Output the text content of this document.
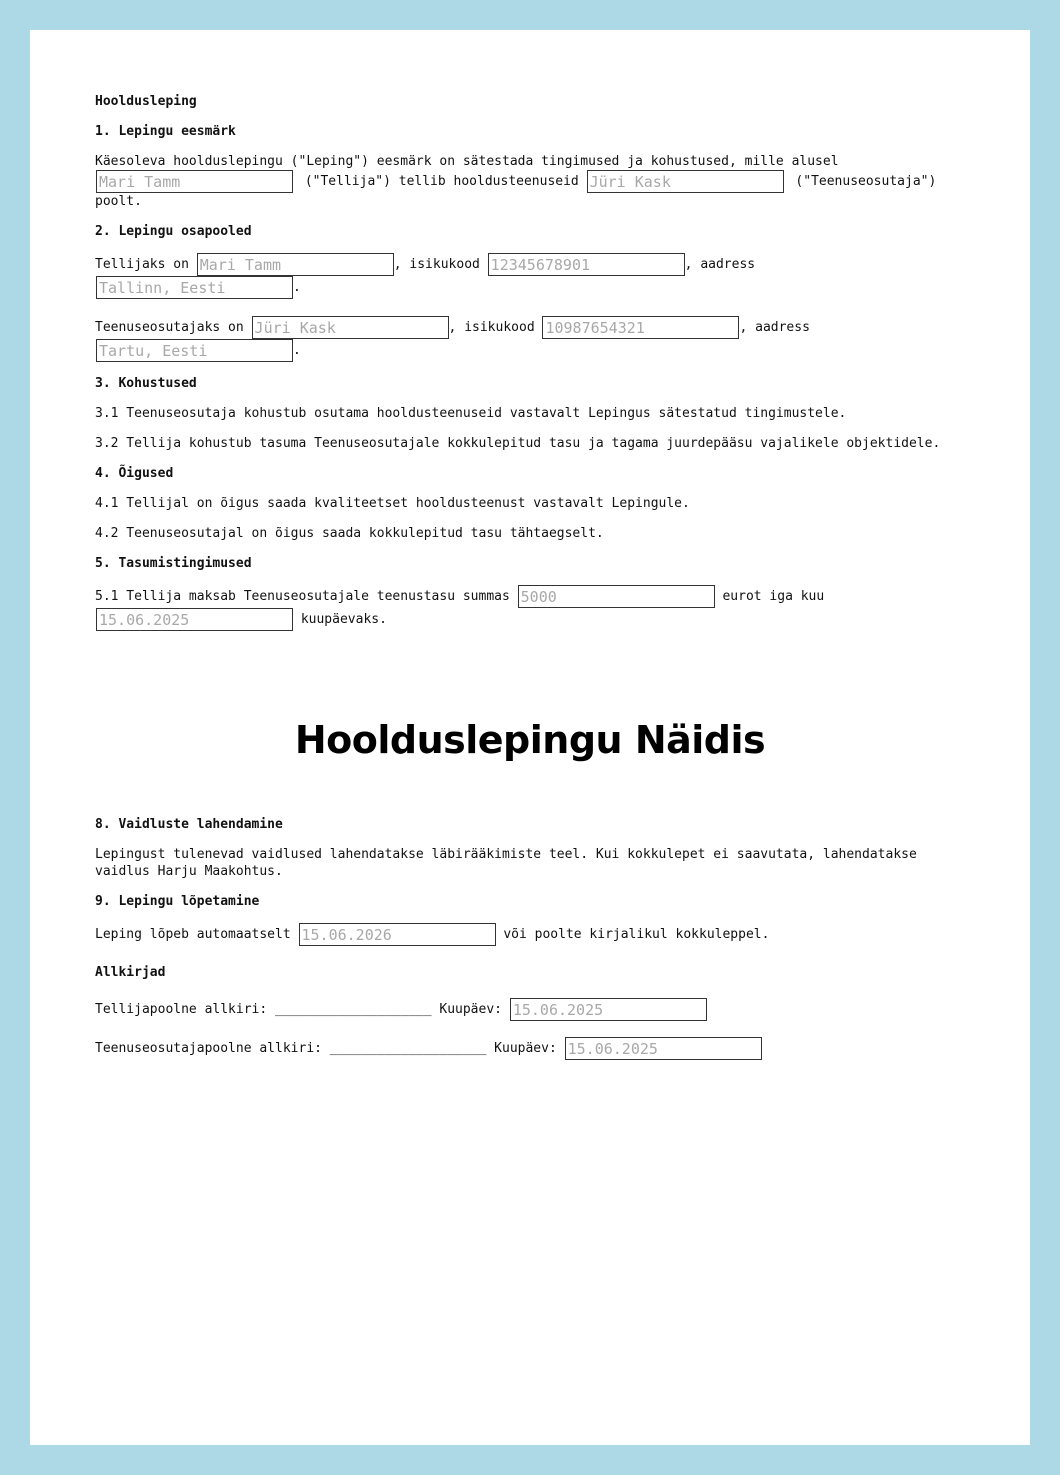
Hooldusleping
1. Lepingu eesmärk
Käesoleva hoolduslepingu ("Leping") eesmärk on sätestada tingimused ja kohustused, mille alusel
Mari Tamm ("Tellija") tellib hooldusteenuseid Jüri Kask	("Teenuseosutaja")
poolt.
2. Lepingu osapooled
Tellijaks on Mari Tamm	, isikukood 12345678901	, aadress
Tallinn, Eesti.
Teenuseosutajaks on Jüri Kask	, isikukood 10987654321	, aadress
Tartu, Eesti.
3. Kohustused

3.1 Teenuseosutaja kohustub osutama hooldusteenuseid vastavalt Lepingus sätestatud tingimustele.

3.2 Tellija kohustub tasuma Teenuseosutajale kokkulepitud tasu ja tagama juurdepääsu vajalikele objektidele.

4. Õigused

4.1 Tellijal on õigus saada kvaliteetset hooldusteenust vastavalt Lepingule.

4.2 Teenuseosutajal on õigus saada kokkulepitud tasu tähtaegselt.

5. Tasumistingimused
5.1 Tellija maksab Teenuseosutajale teenustasu summas 5000	eurot iga kuu
15.06.2025 kuupäevaks.
8. Vaidluste lahendamine

Lepingust tulenevad vaidlused lahendatakse läbirääkimiste teel. Kui kokkulepet ei saavutata, lahendatakse vaidlus Harju Maakohtus.

9. Lepingu lõpetamine
Leping lõpeb automaatselt 15.06.2026	või poolte kirjalikul kokkuleppel.
Allkirjad
Tellijapoolne allkiri: ____________________ Kuupäev: 15.06.2025
Teenuseosutajapoolne allkiri: ____________________ Kuupäev: 15.06.2025
Hoolduslepingu Näidis
